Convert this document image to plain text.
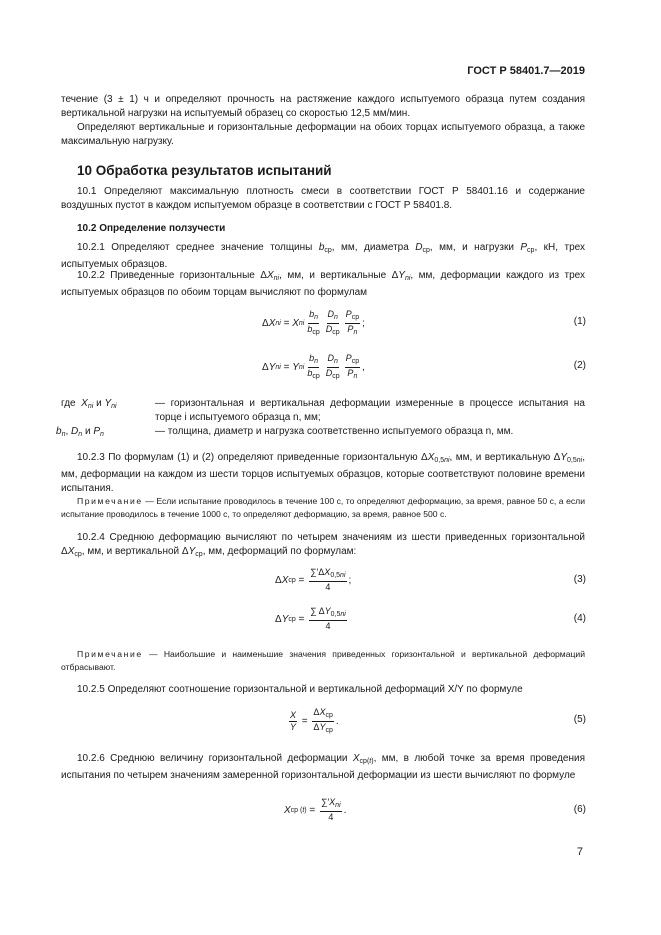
ГОСТ Р 58401.7—2019
течение (3 ± 1) ч и определяют прочность на растяжение каждого испытуемого образца путем создания вертикальной нагрузки на испытуемый образец со скоростью 12,5 мм/мин.
Определяют вертикальные и горизонтальные деформации на обоих торцах испытуемого образца, а также максимальную нагрузку.
10 Обработка результатов испытаний
10.1 Определяют максимальную плотность смеси в соответствии ГОСТ Р 58401.16 и содержание воздушных пустот в каждом испытуемом образце в соответствии с ГОСТ Р 58401.8.
10.2 Определение ползучести
10.2.1 Определяют среднее значение толщины $b_{ср}$, мм, диаметра $D_{ср}$, мм, и нагрузки $P_{ср}$, кН, трех испытуемых образцов.
10.2.2 Приведенные горизонтальные $\Delta X_{ni}$, мм, и вертикальные $\Delta Y_{ni}$, мм, деформации каждого из трех испытуемых образцов по обоим торцам вычисляют по формулам
Δ X ni = X ni $\frac{b_n}{b_{ср}} \frac{D_n}{D_{ср}} \frac{P_{ср}}{P_n}$ ;	(1)
Δ Y ni = Y ni $\frac{b_n}{b_{ср}} \frac{D_n}{D_{ср}} \frac{P_{ср}}{P_n}$ ,	(2)
где $X_{ni}$ и $Y_{ni}$	— горизонтальная и вертикальная деформации измеренные в процессе испытания на торце i испытуемого образца n, мм;
$b_n$, $D_n$ и $P_n$	— толщина, диаметр и нагрузка соответственно испытуемого образца n, мм.
10.2.3 По формулам (1) и (2) определяют приведенные горизонтальную $\Delta X_{0,5ni}$, мм, и вертикальную $\Delta Y_{0,5ni}$, мм, деформации на каждом из шести торцов испытуемых образцов, которые соответствуют половине времени испытания.
Примечание — Если испытание проводилось в течение 100 с, то определяют деформацию, за время, равное 50 с, а если испытание проводилось в течение 1000 с, то определяют деформацию, за время, равное 500 с.
10.2.4 Среднюю деформацию вычисляют по четырем значениям из шести приведенных горизонтальной $\Delta X_{ср}$, мм, и вертикальной $\Delta Y_{ср}$, мм, деформаций по формулам:
Δ X ср = $\frac{\sum'\Delta X_{0,5ni}}{4}$ ;	(3)
Δ Y ср = $\frac{\sum \Delta Y_{0,5ni}}{4}$	(4)
Примечание — Наибольшие и наименьшие значения приведенных горизонтальной и вертикальной деформаций отбрасывают.
10.2.5 Определяют соотношение горизонтальной и вертикальной деформаций X/Y по формуле
$\frac{X}{Y} = \frac{\Delta X_{ср}}{\Delta Y_{ср}}$ .	(5)
10.2.6 Среднюю величину горизонтальной деформации $X_{ср(t)}$, мм, в любой точке за время проведения испытания по четырем значениям замеренной горизонтальной деформации из шести вычисляют по формуле
X ср $(t) = \frac{\sum'X_{ni}}{4}$ .	(6)
7
